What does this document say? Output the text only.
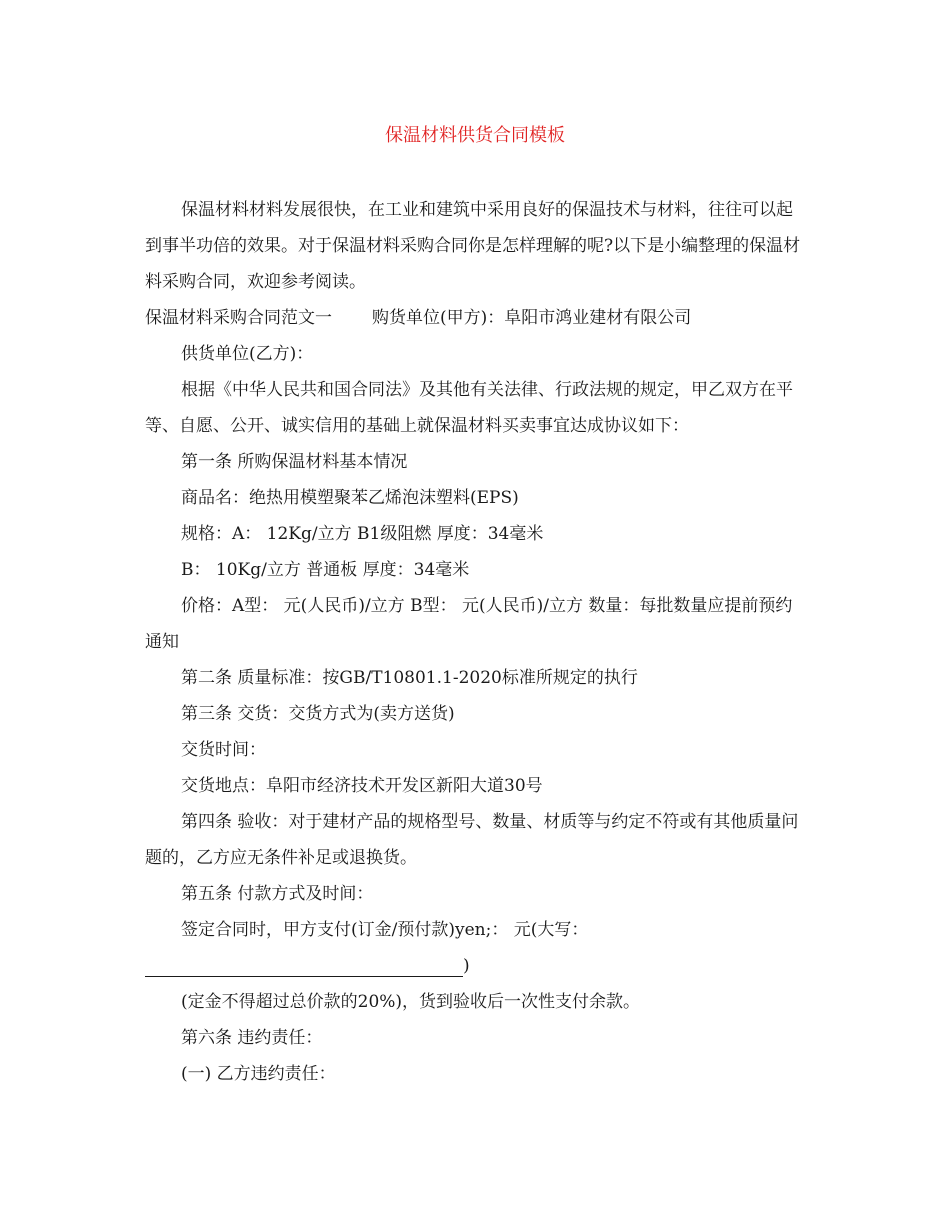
保温材料供货合同模板

保温材料材料发展很快，在工业和建筑中采用良好的保温技术与材料，往往可以起到事半功倍的效果。对于保温材料采购合同你是怎样理解的呢?以下是小编整理的保温材料采购合同，欢迎参考阅读。

保温材料采购合同范文一 购货单位(甲方)：阜阳市鸿业建材有限公司

供货单位(乙方)：

根据《中华人民共和国合同法》及其他有关法律、行政法规的规定，甲乙双方在平等、自愿、公开、诚实信用的基础上就保温材料买卖事宜达成协议如下：

第一条 所购保温材料基本情况

商品名：绝热用模塑聚苯乙烯泡沫塑料(EPS)

规格：A： 12Kg/立方 B1级阻燃 厚度：34毫米

B： 10Kg/立方 普通板 厚度：34毫米

价格：A型： 元(人民币)/立方 B型： 元(人民币)/立方 数量：每批数量应提前预约通知

第二条 质量标准：按GB/T10801.1-2020标准所规定的执行

第三条 交货：交货方式为(卖方送货)

交货时间：

交货地点：阜阳市经济技术开发区新阳大道30号

第四条 验收：对于建材产品的规格型号、数量、材质等与约定不符或有其他质量问题的，乙方应无条件补足或退换货。

第五条 付款方式及时间：

签定合同时，甲方支付(订金/预付款)yen;： 元(大写：

)

(定金不得超过总价款的20%)，货到验收后一次性支付余款。

第六条 违约责任：

(一) 乙方违约责任：
